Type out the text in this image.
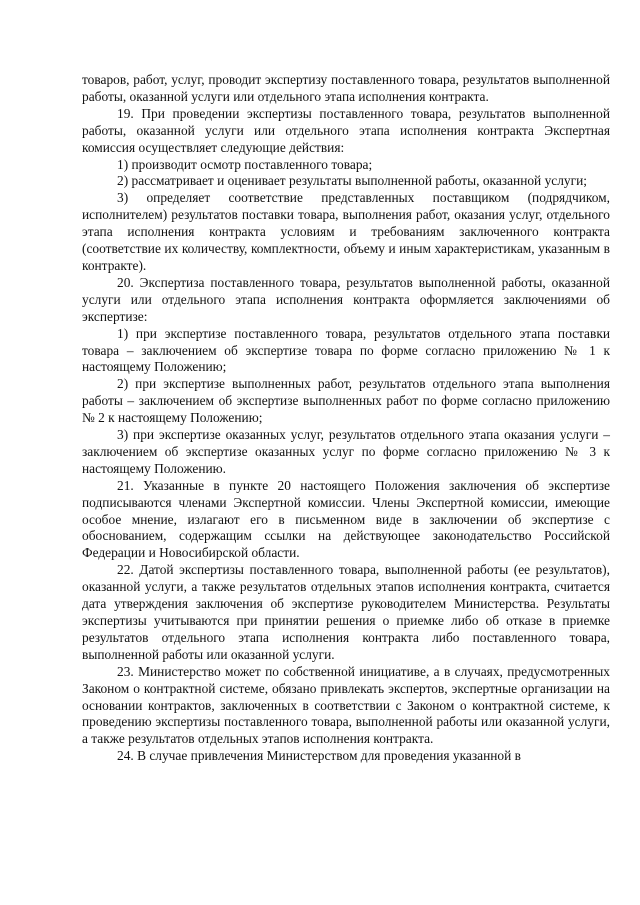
товаров, работ, услуг, проводит экспертизу поставленного товара, результатов выполненной работы, оказанной услуги или отдельного этапа исполнения контракта.

19. При проведении экспертизы поставленного товара, результатов выполненной работы, оказанной услуги или отдельного этапа исполнения контракта Экспертная комиссия осуществляет следующие действия:

1) производит осмотр поставленного товара;

2) рассматривает и оценивает результаты выполненной работы, оказанной услуги;

3) определяет соответствие представленных поставщиком (подрядчиком, исполнителем) результатов поставки товара, выполнения работ, оказания услуг, отдельного этапа исполнения контракта условиям и требованиям заключенного контракта (соответствие их количеству, комплектности, объему и иным характеристикам, указанным в контракте).

20. Экспертиза поставленного товара, результатов выполненной работы, оказанной услуги или отдельного этапа исполнения контракта оформляется заключениями об экспертизе:

1) при экспертизе поставленного товара, результатов отдельного этапа поставки товара – заключением об экспертизе товара по форме согласно приложению № 1 к настоящему Положению;

2) при экспертизе выполненных работ, результатов отдельного этапа выполнения работы – заключением об экспертизе выполненных работ по форме согласно приложению № 2 к настоящему Положению;

3) при экспертизе оказанных услуг, результатов отдельного этапа оказания услуги – заключением об экспертизе оказанных услуг по форме согласно приложению № 3 к настоящему Положению.

21. Указанные в пункте 20 настоящего Положения заключения об экспертизе подписываются членами Экспертной комиссии. Члены Экспертной комиссии, имеющие особое мнение, излагают его в письменном виде в заключении об экспертизе с обоснованием, содержащим ссылки на действующее законодательство Российской Федерации и Новосибирской области.

22. Датой экспертизы поставленного товара, выполненной работы (ее результатов), оказанной услуги, а также результатов отдельных этапов исполнения контракта, считается дата утверждения заключения об экспертизе руководителем Министерства. Результаты экспертизы учитываются при принятии решения о приемке либо об отказе в приемке результатов отдельного этапа исполнения контракта либо поставленного товара, выполненной работы или оказанной услуги.

23. Министерство может по собственной инициативе, а в случаях, предусмотренных Законом о контрактной системе, обязано привлекать экспертов, экспертные организации на основании контрактов, заключенных в соответствии с Законом о контрактной системе, к проведению экспертизы поставленного товара, выполненной работы или оказанной услуги, а также результатов отдельных этапов исполнения контракта.

24. В случае привлечения Министерством для проведения указанной в
